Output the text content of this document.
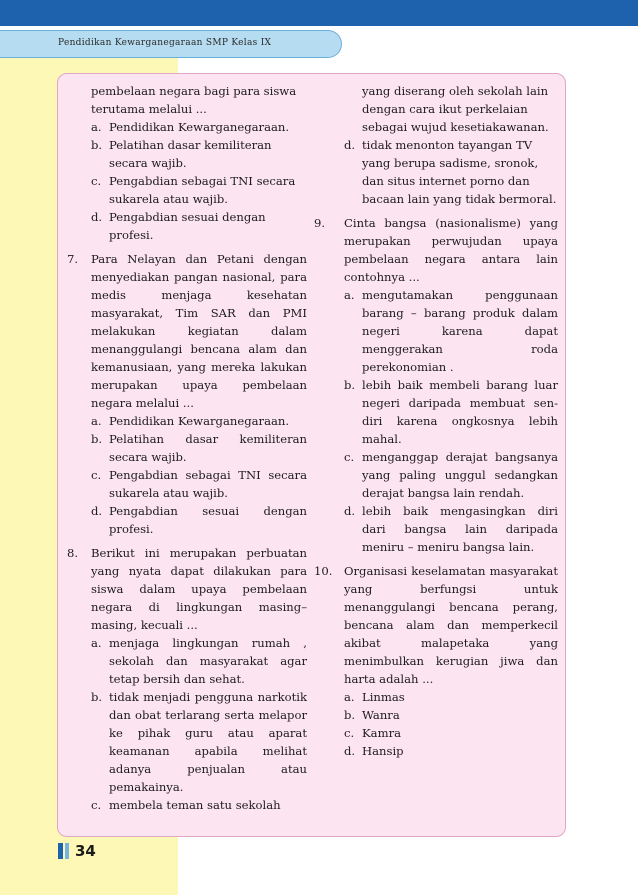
Pendidikan Kewarganegaraan SMP Kelas IX
pembelaan negara bagi para siswa terutama melalui ...
a. Pendidikan Kewarganegaraan.
b. Pelatihan dasar kemiliteran secara wajib.
c. Pengabdian sebagai TNI secara sukarela atau wajib.
d. Pengabdian sesuai dengan profesi.
7.	Para Nelayan dan Petani dengan menyediakan pangan nasional, para medis menjaga kesehatan masyarakat, Tim SAR dan PMI melakukan kegiatan dalam menanggulangi bencana alam dan kemanusiaan, yang mereka lakukan merupakan upaya pembelaan negara melalui ...
a. Pendidikan Kewarganegaraan.
b. Pelatihan dasar kemiliteran secara wajib.
c. Pengabdian sebagai TNI secara sukarela atau wajib.
d. Pengabdian sesuai dengan profesi.
8.	Berikut ini merupakan perbuatan yang nyata dapat dilakukan para siswa dalam upaya pembelaan negara di lingkungan masing–masing, kecuali ...
a. menjaga lingkungan rumah , sekolah dan masyarakat agar tetap bersih dan sehat.
b. tidak menjadi pengguna narkotik dan obat terlarang serta melapor ke pihak guru atau aparat keamanan apabila melihat adanya penjualan atau pemakainya.
c. membela teman satu sekolah
yang diserang oleh sekolah lain dengan cara ikut perkelaian sebagai wujud kesetiakawanan.
d. tidak menonton tayangan TV yang berupa sadisme, sronok, dan situs internet porno dan bacaan lain yang tidak bermoral.
9.	Cinta bangsa (nasionalisme) yang merupakan perwujudan upaya pembelaan negara antara lain contohnya ...
a. mengutamakan penggunaan barang – barang produk dalam negeri karena dapat menggerakan roda perekonomian .
b. lebih baik membeli barang luar negeri daripada membuat sen-diri karena ongkosnya lebih mahal.
c. menganggap derajat bangsanya yang paling unggul sedangkan derajat bangsa lain rendah.
d. lebih baik mengasingkan diri dari bangsa lain daripada meniru – meniru bangsa lain.
10. Organisasi keselamatan masyarakat yang berfungsi untuk menanggulangi bencana perang, bencana alam dan memperkecil akibat malapetaka yang menimbulkan kerugian jiwa dan harta adalah ...
a. Linmas
b. Wanra
c. Kamra
d. Hansip
34
